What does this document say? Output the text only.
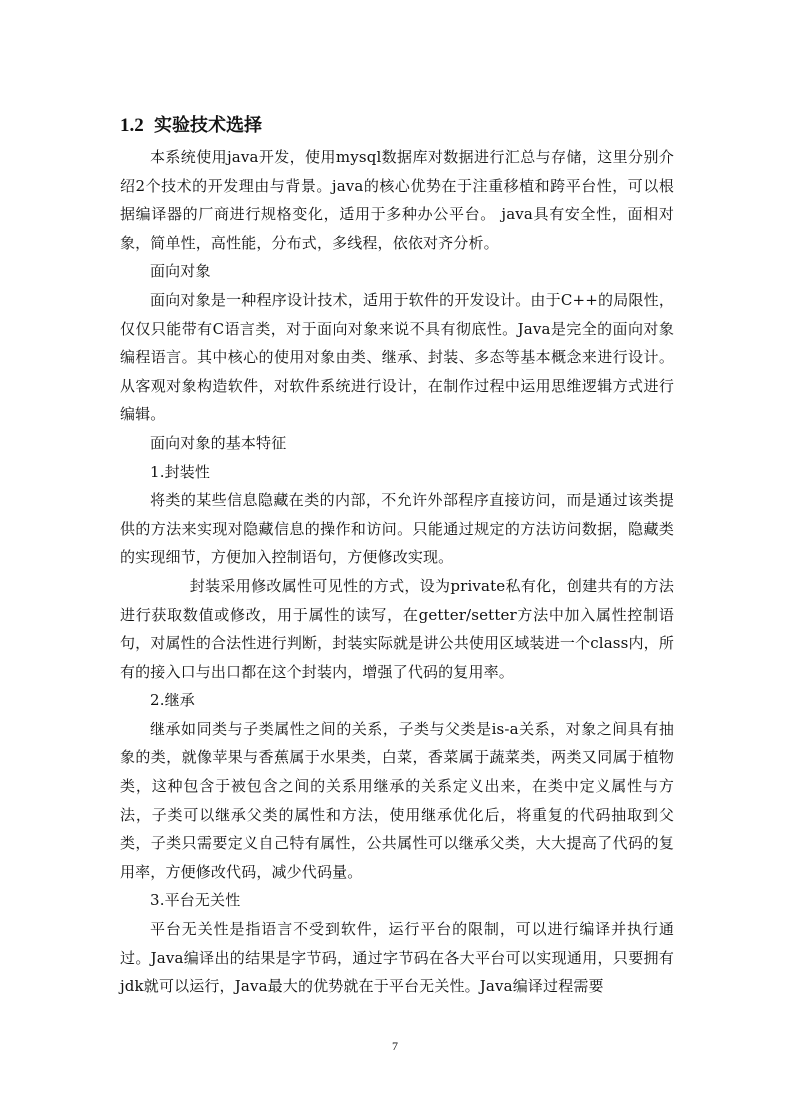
1.2 实验技术选择

本系统使用java开发，使用mysql数据库对数据进行汇总与存储，这里分别介绍2个技术的开发理由与背景。java的核心优势在于注重移植和跨平台性，可以根据编译器的厂商进行规格变化，适用于多种办公平台。 java具有安全性，面相对象，简单性，高性能，分布式，多线程，依依对齐分析。

面向对象

面向对象是一种程序设计技术，适用于软件的开发设计。由于C++的局限性，仅仅只能带有C语言类，对于面向对象来说不具有彻底性。Java是完全的面向对象编程语言。其中核心的使用对象由类、继承、封装、多态等基本概念来进行设计。从客观对象构造软件，对软件系统进行设计，在制作过程中运用思维逻辑方式进行编辑。

面向对象的基本特征

1.封装性

将类的某些信息隐藏在类的内部，不允许外部程序直接访问，而是通过该类提供的方法来实现对隐藏信息的操作和访问。只能通过规定的方法访问数据，隐藏类的实现细节，方便加入控制语句，方便修改实现。

封装采用修改属性可见性的方式，设为private私有化，创建共有的方法进行获取数值或修改，用于属性的读写，在getter/setter方法中加入属性控制语句，对属性的合法性进行判断，封装实际就是讲公共使用区域装进一个class内，所有的接入口与出口都在这个封装内，增强了代码的复用率。

2.继承

继承如同类与子类属性之间的关系，子类与父类是is-a关系，对象之间具有抽象的类，就像苹果与香蕉属于水果类，白菜，香菜属于蔬菜类，两类又同属于植物类，这种包含于被包含之间的关系用继承的关系定义出来，在类中定义属性与方法，子类可以继承父类的属性和方法，使用继承优化后，将重复的代码抽取到父类，子类只需要定义自己特有属性，公共属性可以继承父类，大大提高了代码的复用率，方便修改代码，减少代码量。

3.平台无关性

平台无关性是指语言不受到软件，运行平台的限制，可以进行编译并执行通过。Java编译出的结果是字节码，通过字节码在各大平台可以实现通用，只要拥有jdk就可以运行，Java最大的优势就在于平台无关性。Java编译过程需要

7
